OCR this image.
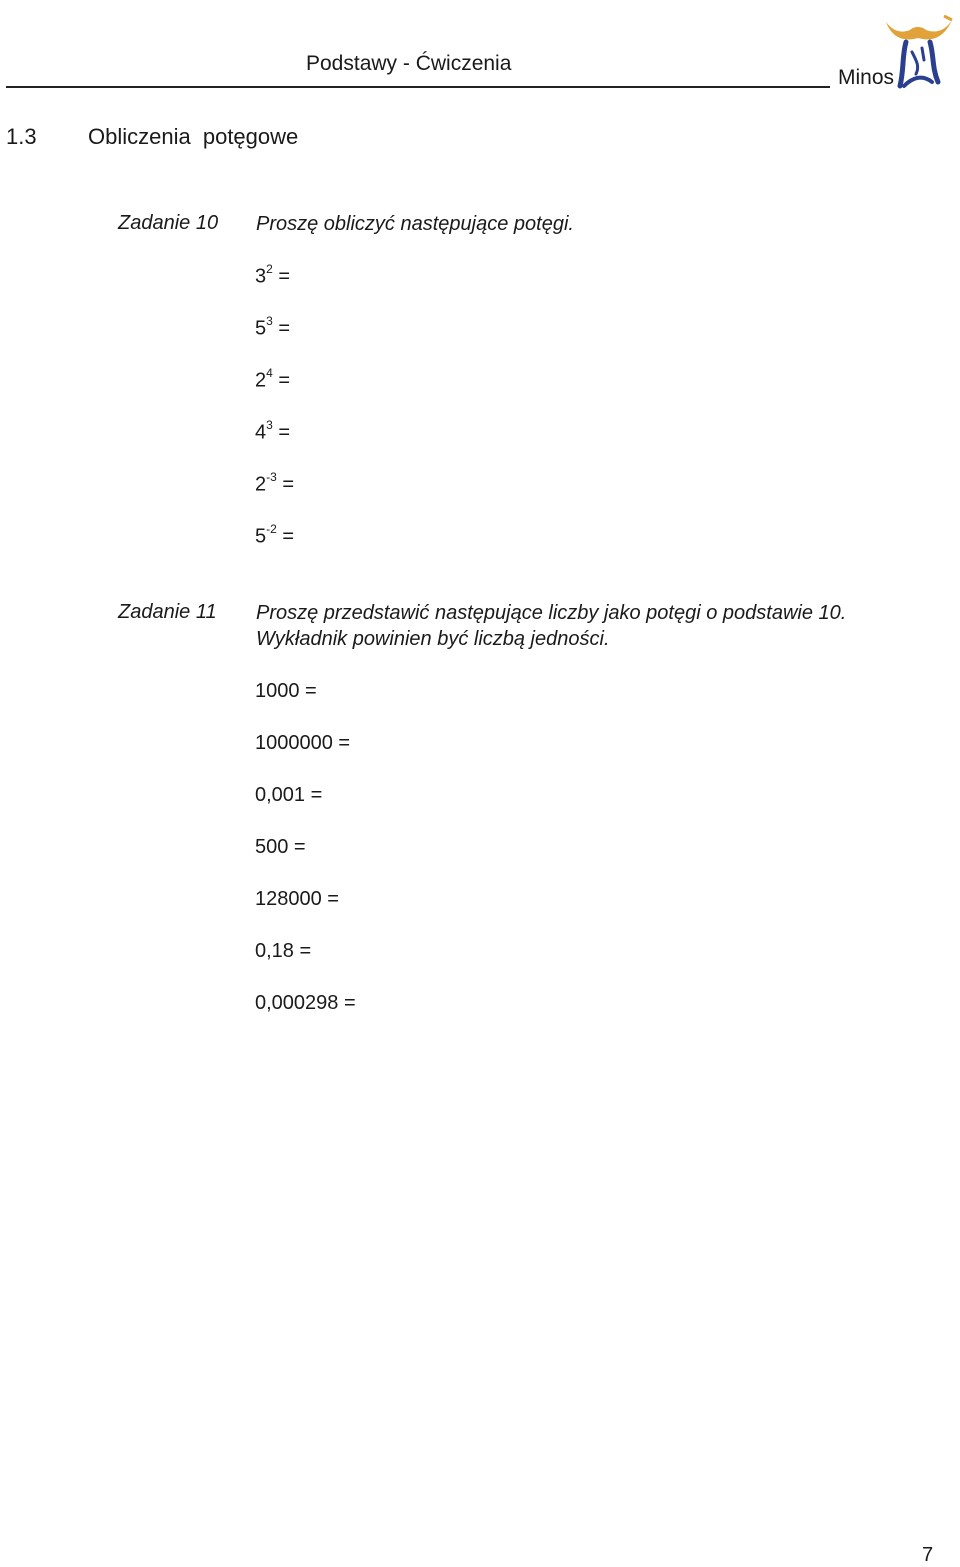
Podstawy - Ćwiczenia
Minos
1.3 Obliczenia potęgowe
Zadanie 10 Proszę obliczyć następujące potęgi.
$3^2$ =
$5^3$ =
$2^4$ =
$4^3$ =
$2^{-3}$ =
$5^{-2}$ =
Zadanie 11 Proszę przedstawić następujące liczby jako potęgi o podstawie 10.
Wykładnik powinien być liczbą jedności.
1000 =
1000000 =
0,001 =
500 =
128000 =
0,18 =
0,000298 =
7
